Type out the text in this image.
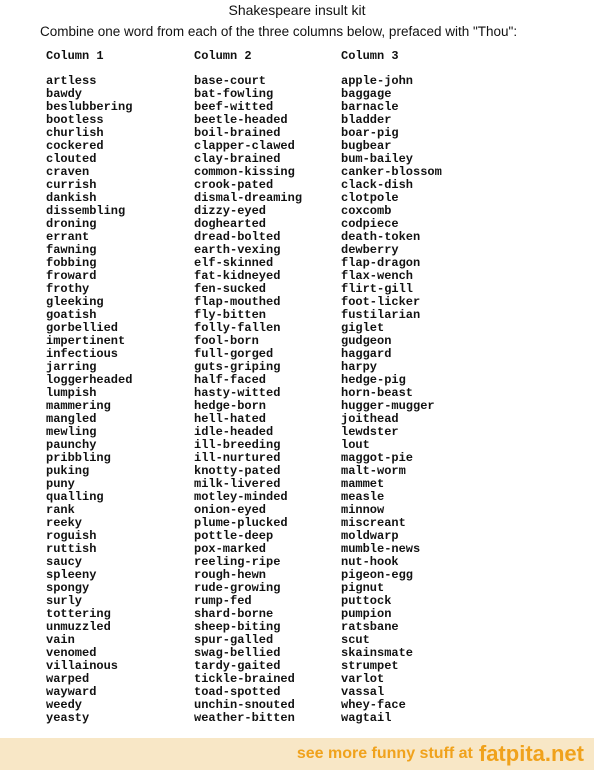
Shakespeare insult kit
Combine one word from each of the three columns below, prefaced with "Thou":
Column 1
artless
bawdy
beslubbering
bootless
churlish
cockered
clouted
craven
currish
dankish
dissembling
droning
errant
fawning
fobbing
froward
frothy
gleeking
goatish
gorbellied
impertinent
infectious
jarring
loggerheaded
lumpish
mammering
mangled
mewling
paunchy
pribbling
puking
puny
qualling
rank
reeky
roguish
ruttish
saucy
spleeny
spongy
surly
tottering
unmuzzled
vain
venomed
villainous
warped
wayward
weedy
yeasty
Column 2
base-court
bat-fowling
beef-witted
beetle-headed
boil-brained
clapper-clawed
clay-brained
common-kissing
crook-pated
dismal-dreaming
dizzy-eyed
doghearted
dread-bolted
earth-vexing
elf-skinned
fat-kidneyed
fen-sucked
flap-mouthed
fly-bitten
folly-fallen
fool-born
full-gorged
guts-griping
half-faced
hasty-witted
hedge-born
hell-hated
idle-headed
ill-breeding
ill-nurtured
knotty-pated
milk-livered
motley-minded
onion-eyed
plume-plucked
pottle-deep
pox-marked
reeling-ripe
rough-hewn
rude-growing
rump-fed
shard-borne
sheep-biting
spur-galled
swag-bellied
tardy-gaited
tickle-brained
toad-spotted
unchin-snouted
weather-bitten
Column 3
apple-john
baggage
barnacle
bladder
boar-pig
bugbear
bum-bailey
canker-blossom
clack-dish
clotpole
coxcomb
codpiece
death-token
dewberry
flap-dragon
flax-wench
flirt-gill
foot-licker
fustilarian
giglet
gudgeon
haggard
harpy
hedge-pig
horn-beast
hugger-mugger
joithead
lewdster
lout
maggot-pie
malt-worm
mammet
measle
minnow
miscreant
moldwarp
mumble-news
nut-hook
pigeon-egg
pignut
puttock
pumpion
ratsbane
scut
skainsmate
strumpet
varlot
vassal
whey-face
wagtail
see more funny stuff at fatpita.net
